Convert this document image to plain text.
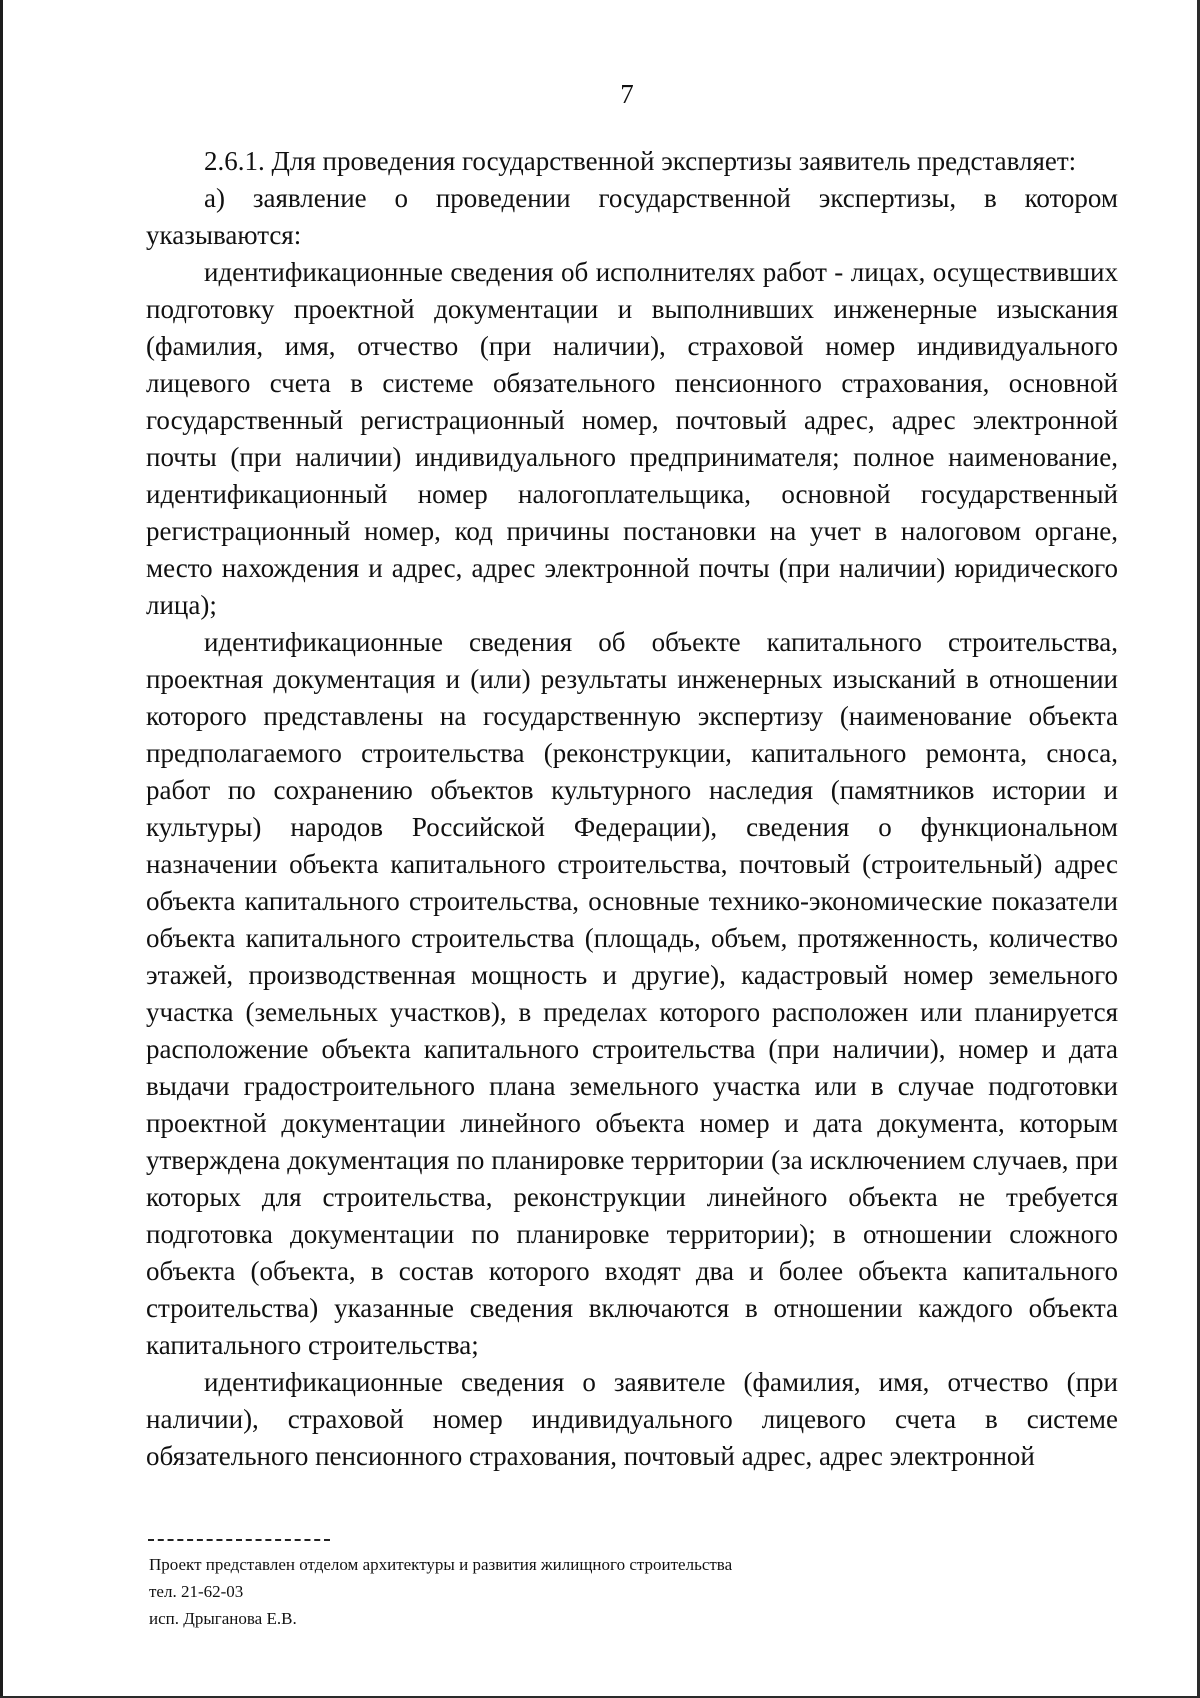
7

2.6.1. Для проведения государственной экспертизы заявитель представляет:

а) заявление о проведении государственной экспертизы, в котором указываются:

идентификационные сведения об исполнителях работ - лицах, осуществивших подготовку проектной документации и выполнивших инженерные изыскания (фамилия, имя, отчество (при наличии), страховой номер индивидуального лицевого счета в системе обязательного пенсионного страхования, основной государственный регистрационный номер, почтовый адрес, адрес электронной почты (при наличии) индивидуального предпринимателя; полное наименование, идентификационный номер налогоплательщика, основной государственный регистрационный номер, код причины постановки на учет в налоговом органе, место нахождения и адрес, адрес электронной почты (при наличии) юридического лица);

идентификационные сведения об объекте капитального строительства, проектная документация и (или) результаты инженерных изысканий в отношении которого представлены на государственную экспертизу (наименование объекта предполагаемого строительства (реконструкции, капитального ремонта, сноса, работ по сохранению объектов культурного наследия (памятников истории и культуры) народов Российской Федерации), сведения о функциональном назначении объекта капитального строительства, почтовый (строительный) адрес объекта капитального строительства, основные технико-экономические показатели объекта капитального строительства (площадь, объем, протяженность, количество этажей, производственная мощность и другие), кадастровый номер земельного участка (земельных участков), в пределах которого расположен или планируется расположение объекта капитального строительства (при наличии), номер и дата выдачи градостроительного плана земельного участка или в случае подготовки проектной документации линейного объекта номер и дата документа, которым утверждена документация по планировке территории (за исключением случаев, при которых для строительства, реконструкции линейного объекта не требуется подготовка документации по планировке территории); в отношении сложного объекта (объекта, в состав которого входят два и более объекта капитального строительства) указанные сведения включаются в отношении каждого объекта капитального строительства;

идентификационные сведения о заявителе (фамилия, имя, отчество (при наличии), страховой номер индивидуального лицевого счета в системе обязательного пенсионного страхования, почтовый адрес, адрес электронной

Проект представлен отделом архитектуры и развития жилищного строительства
тел. 21-62-03
исп. Дрыганова Е.В.
